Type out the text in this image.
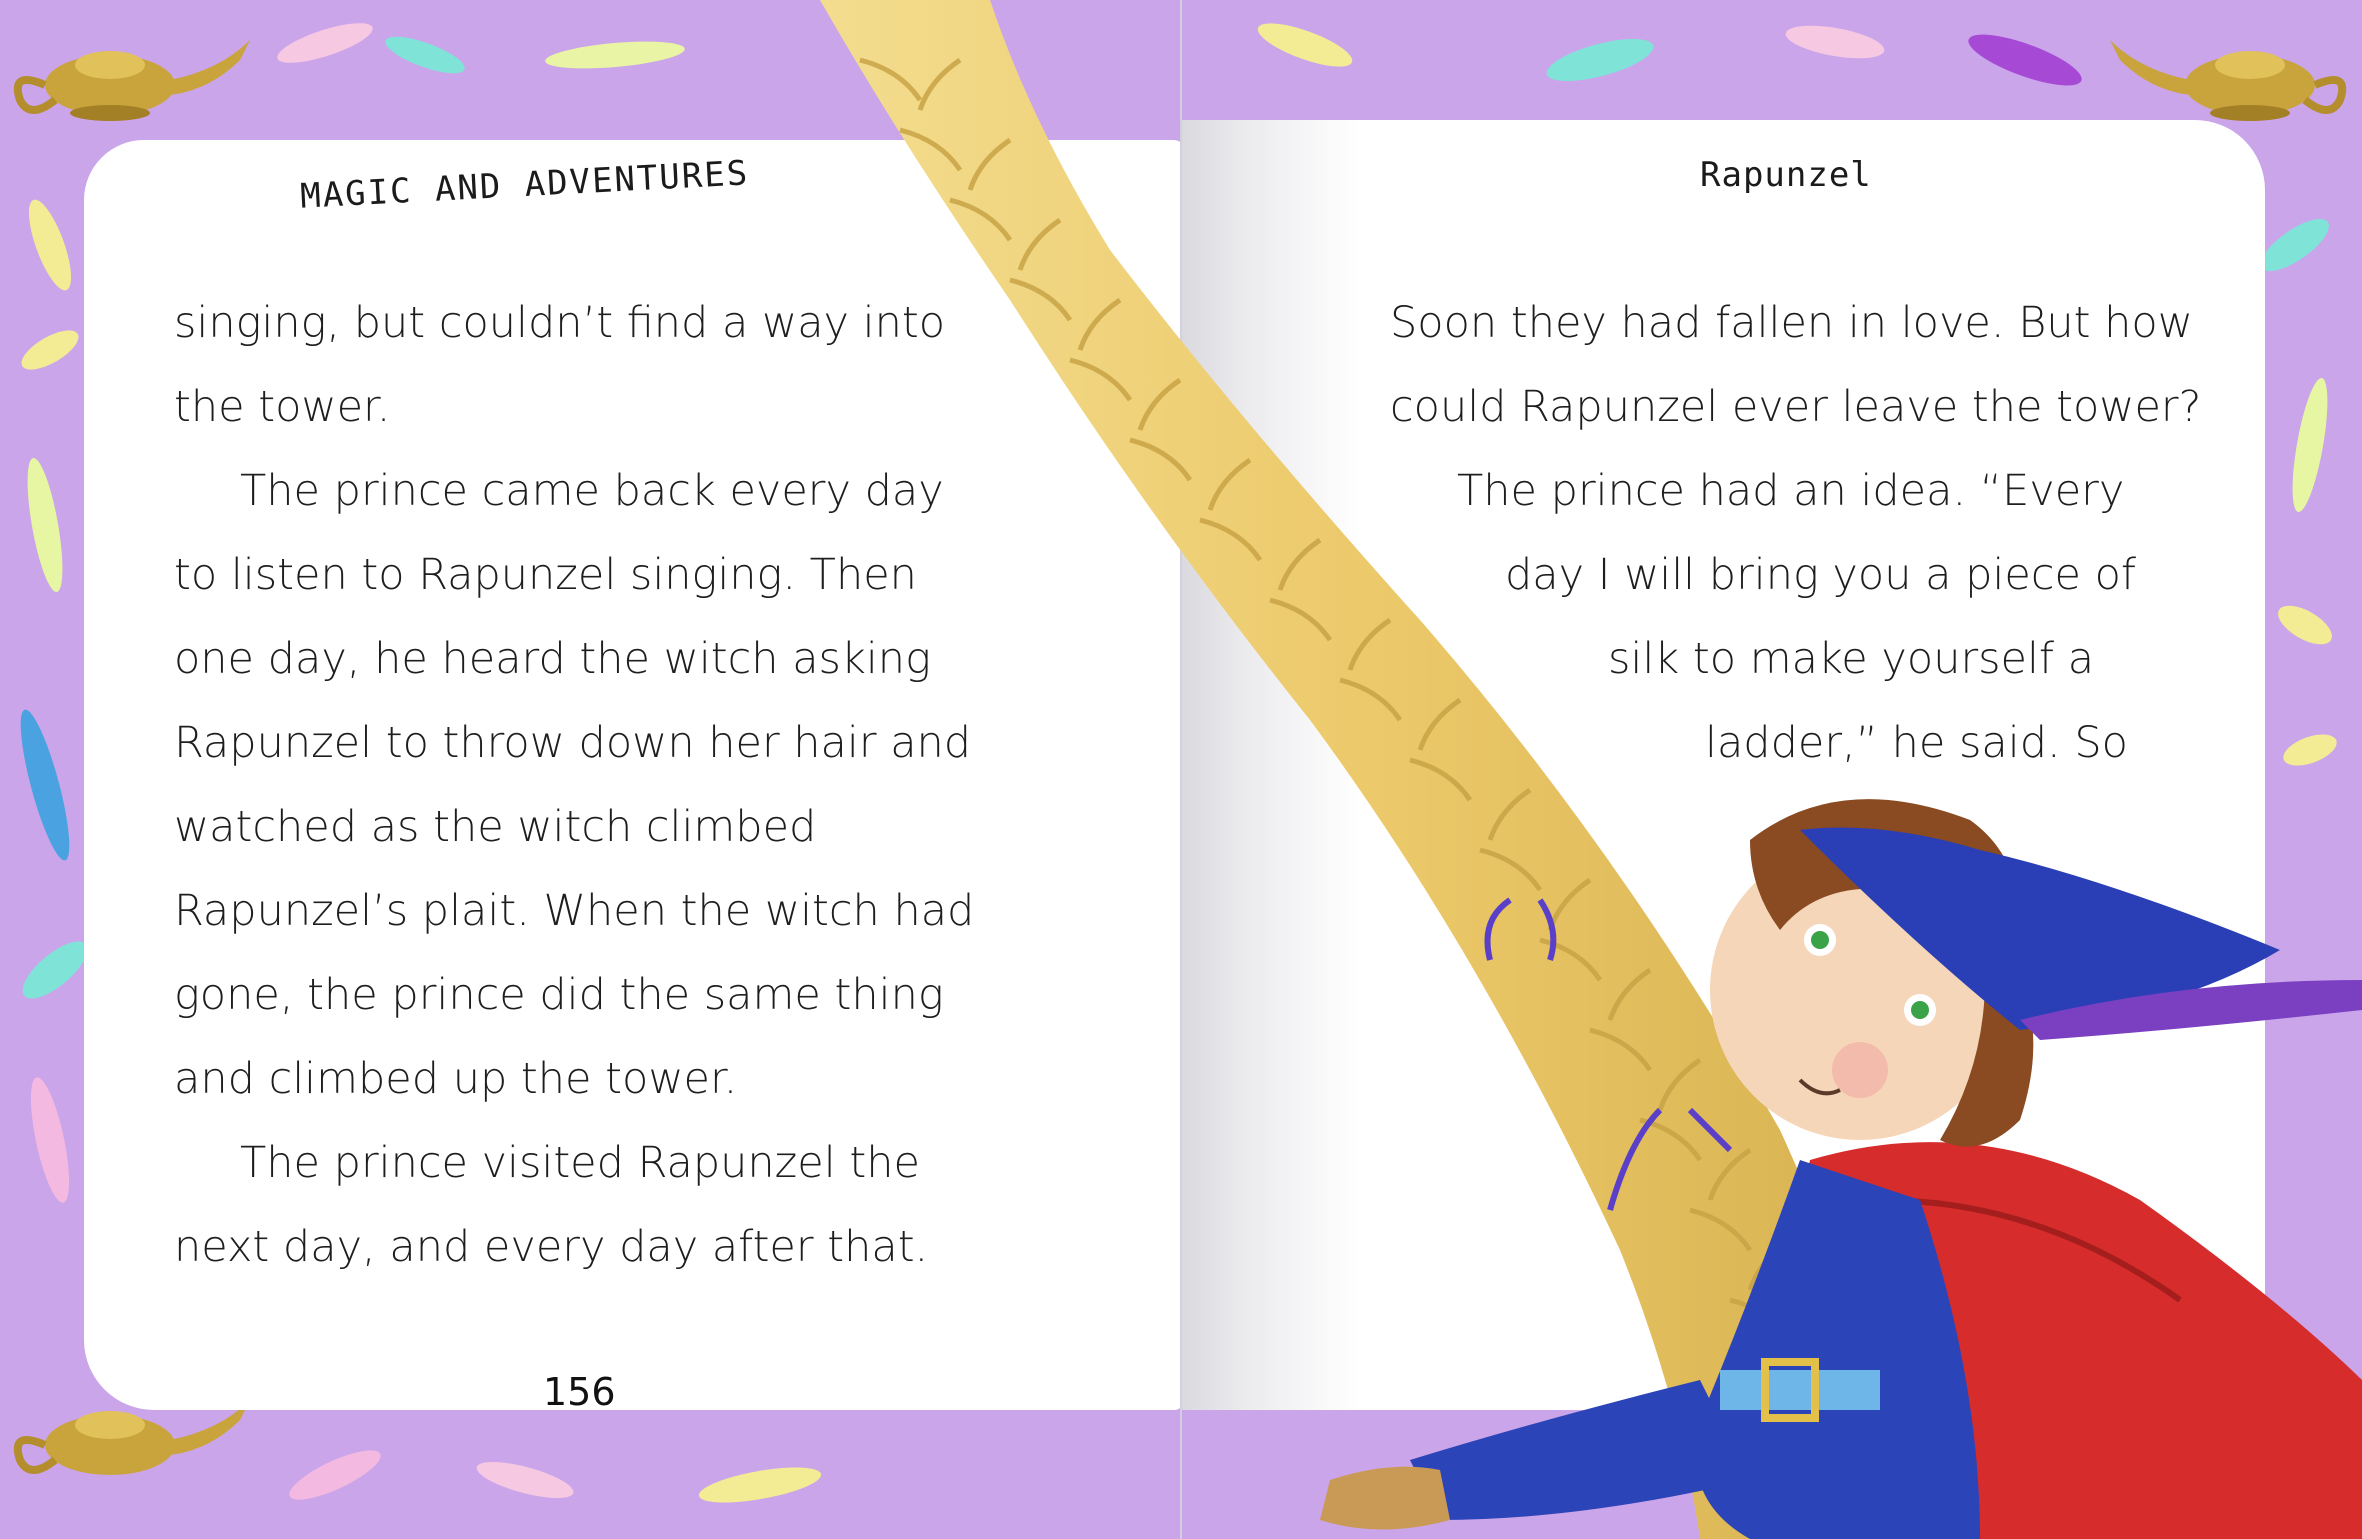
MAGIC AND ADVENTURES	Rapunzel
singing, but couldn’t find a way into
the tower.
The prince came back every day
to listen to Rapunzel singing. Then
one day, he heard the witch asking
Rapunzel to throw down her hair and
watched as the witch climbed
Rapunzel’s plait. When the witch had
gone, the prince did the same thing
and climbed up the tower.
The prince visited Rapunzel the
next day, and every day after that.
Soon they had fallen in love. But how
could Rapunzel ever leave the tower?
The prince had an idea. “Every
day I will bring you a piece of
silk to make yourself a
ladder,” he said. So
156
